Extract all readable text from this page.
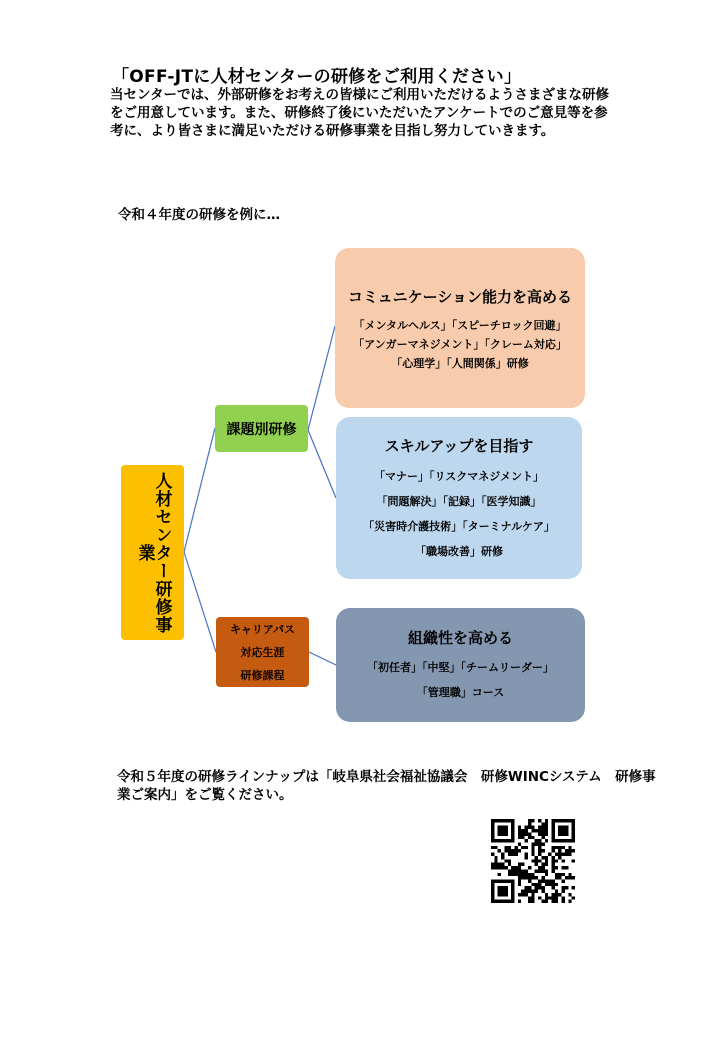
「OFF-JTに人材センターの研修をご利用ください」
当センターでは、外部研修をお考えの皆様にご利用いただけるようさまざまな研修をご用意しています。また、研修終了後にいただいたアンケートでのご意見等を参考に、より皆さまに満足いただける研修事業を目指し努力していきます。
令和４年度の研修を例に…
人材センター研修事業
課題別研修
キャリアパス
対応生涯
研修課程
コミュニケーション能力を高める
「メンタルヘルス」「スピーチロック回避」
「アンガーマネジメント」「クレーム対応」
「心理学」「人間関係」研修
スキルアップを目指す
「マナー」「リスクマネジメント」
「問題解決」「記録」「医学知識」
「災害時介護技術」「ターミナルケア」
「職場改善」研修
組織性を高める
「初任者」「中堅」「チームリーダー」
「管理職」コース
令和５年度の研修ラインナップは「岐阜県社会福祉協議会　研修WINCシステム　研修事業ご案内」をご覧ください。
